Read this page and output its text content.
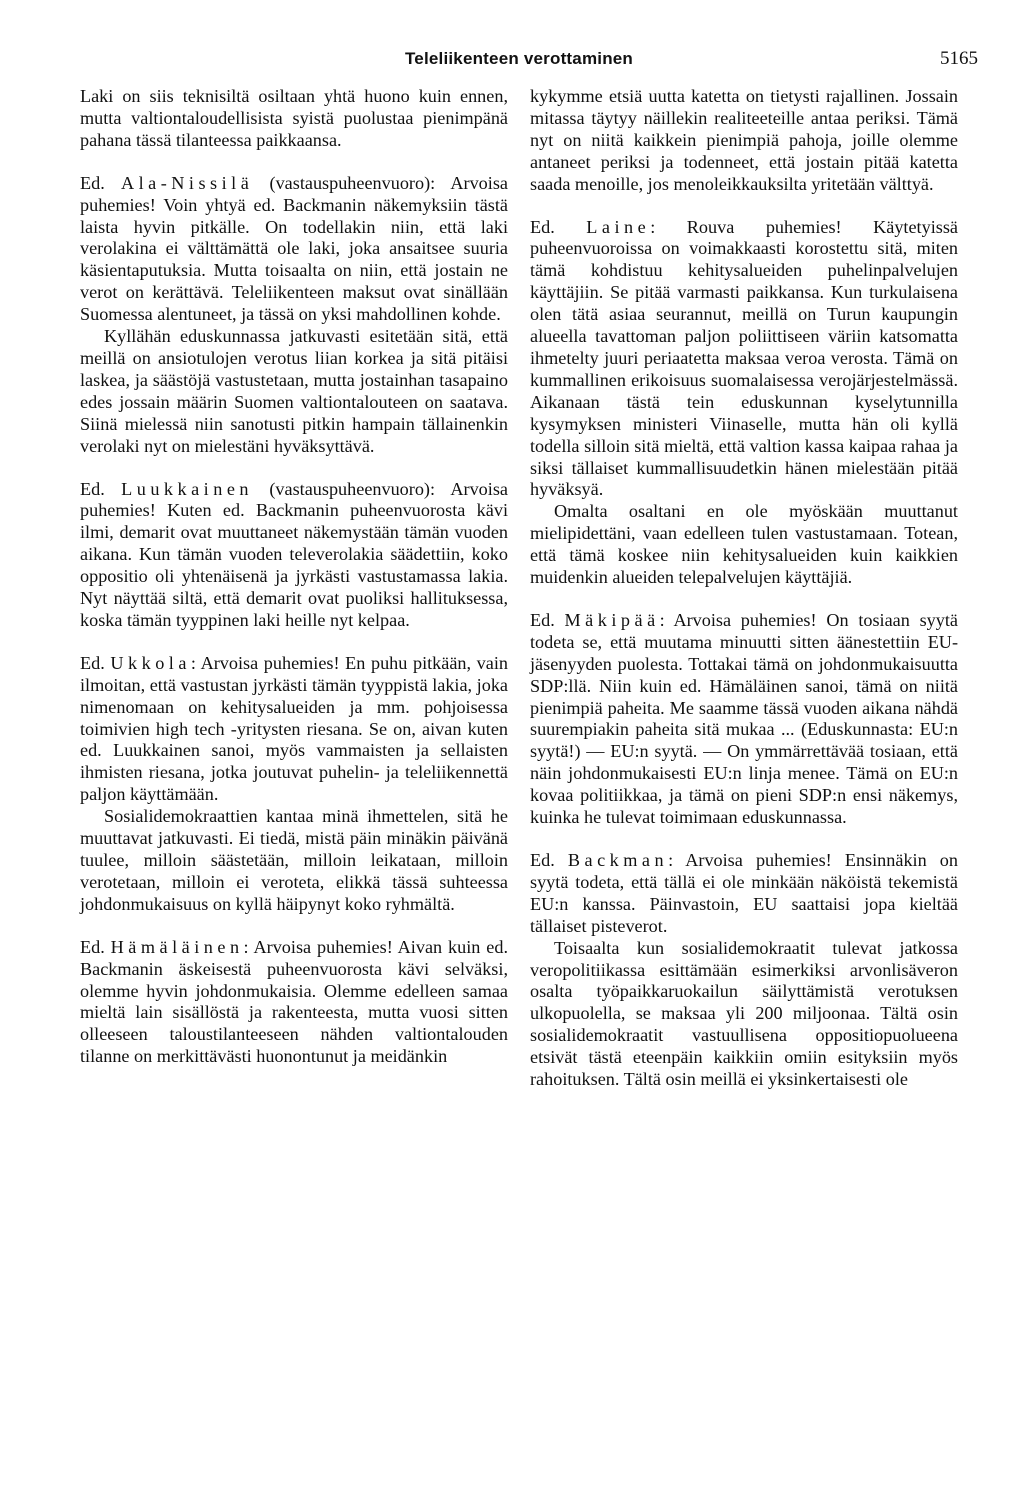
Teleliikenteen verottaminen	5165

Laki on siis teknisiltä osiltaan yhtä huono kuin ennen, mutta valtiontaloudellisista syistä puolustaa pienimpänä pahana tässä tilanteessa paikkaansa.

Ed. Ala-Nissilä (vastauspuheenvuoro): Arvoisa puhemies! Voin yhtyä ed. Backmanin näkemyksiin tästä laista hyvin pitkälle. On todellakin niin, että laki verolakina ei välttämättä ole laki, joka ansaitsee suuria käsientaputuksia. Mutta toisaalta on niin, että jostain ne verot on kerättävä. Teleliikenteen maksut ovat sinällään Suomessa alentuneet, ja tässä on yksi mahdollinen kohde.

Kyllähän eduskunnassa jatkuvasti esitetään sitä, että meillä on ansiotulojen verotus liian korkea ja sitä pitäisi laskea, ja säästöjä vastustetaan, mutta jostainhan tasapaino edes jossain määrin Suomen valtiontalouteen on saatava. Siinä mielessä niin sanotusti pitkin hampain tällainenkin verolaki nyt on mielestäni hyväksyttävä.

Ed. Luukkainen (vastauspuheenvuoro): Arvoisa puhemies! Kuten ed. Backmanin puheenvuorosta kävi ilmi, demarit ovat muuttaneet näkemystään tämän vuoden aikana. Kun tämän vuoden televerolakia säädettiin, koko oppositio oli yhtenäisenä ja jyrkästi vastustamassa lakia. Nyt näyttää siltä, että demarit ovat puoliksi hallituksessa, koska tämän tyyppinen laki heille nyt kelpaa.

Ed. Ukkola: Arvoisa puhemies! En puhu pitkään, vain ilmoitan, että vastustan jyrkästi tämän tyyppistä lakia, joka nimenomaan on kehitysalueiden ja mm. pohjoisessa toimivien high tech -yritysten riesana. Se on, aivan kuten ed. Luukkainen sanoi, myös vammaisten ja sellaisten ihmisten riesana, jotka joutuvat puhelin- ja teleliikennettä paljon käyttämään.

Sosialidemokraattien kantaa minä ihmettelen, sitä he muuttavat jatkuvasti. Ei tiedä, mistä päin minäkin päivänä tuulee, milloin säästetään, milloin leikataan, milloin verotetaan, milloin ei veroteta, elikkä tässä suhteessa johdonmukaisuus on kyllä häipynyt koko ryhmältä.

Ed. Hämäläinen: Arvoisa puhemies! Aivan kuin ed. Backmanin äskeisestä puheenvuorosta kävi selväksi, olemme hyvin johdonmukaisia. Olemme edelleen samaa mieltä lain sisällöstä ja rakenteesta, mutta vuosi sitten olleeseen taloustilanteeseen nähden valtiontalouden tilanne on merkittävästi huonontunut ja meidänkin

kykymme etsiä uutta katetta on tietysti rajallinen. Jossain mitassa täytyy näillekin realiteeteille antaa periksi. Tämä nyt on niitä kaikkein pienimpiä pahoja, joille olemme antaneet periksi ja todenneet, että jostain pitää katetta saada menoille, jos menoleikkauksilta yritetään välttyä.

Ed. Laine: Rouva puhemies! Käytetyissä puheenvuoroissa on voimakkaasti korostettu sitä, miten tämä kohdistuu kehitysalueiden puhelinpalvelujen käyttäjiin. Se pitää varmasti paikkansa. Kun turkulaisena olen tätä asiaa seurannut, meillä on Turun kaupungin alueella tavattoman paljon poliittiseen väriin katsomatta ihmetelty juuri periaatetta maksaa veroa verosta. Tämä on kummallinen erikoisuus suomalaisessa verojärjestelmässä. Aikanaan tästä tein eduskunnan kyselytunnilla kysymyksen ministeri Viinaselle, mutta hän oli kyllä todella silloin sitä mieltä, että valtion kassa kaipaa rahaa ja siksi tällaiset kummallisuudetkin hänen mielestään pitää hyväksyä.

Omalta osaltani en ole myöskään muuttanut mielipidettäni, vaan edelleen tulen vastustamaan. Totean, että tämä koskee niin kehitysalueiden kuin kaikkien muidenkin alueiden telepalvelujen käyttäjiä.

Ed. Mäkipää: Arvoisa puhemies! On tosiaan syytä todeta se, että muutama minuutti sitten äänestettiin EU-jäsenyyden puolesta. Tottakai tämä on johdonmukaisuutta SDP:llä. Niin kuin ed. Hämäläinen sanoi, tämä on niitä pienimpiä paheita. Me saamme tässä vuoden aikana nähdä suurempiakin paheita sitä mukaa ... (Eduskunnasta: EU:n syytä!) — EU:n syytä. — On ymmärrettävää tosiaan, että näin johdonmukaisesti EU:n linja menee. Tämä on EU:n kovaa politiikkaa, ja tämä on pieni SDP:n ensi näkemys, kuinka he tulevat toimimaan eduskunnassa.

Ed. Backman: Arvoisa puhemies! Ensinnäkin on syytä todeta, että tällä ei ole minkään näköistä tekemistä EU:n kanssa. Päinvastoin, EU saattaisi jopa kieltää tällaiset pisteverot.

Toisaalta kun sosialidemokraatit tulevat jatkossa veropolitiikassa esittämään esimerkiksi arvonlisäveron osalta työpaikkaruokailun säilyttämistä verotuksen ulkopuolella, se maksaa yli 200 miljoonaa. Tältä osin sosialidemokraatit vastuullisena oppositiopuolueena etsivät tästä eteenpäin kaikkiin omiin esityksiin myös rahoituksen. Tältä osin meillä ei yksinkertaisesti ole
